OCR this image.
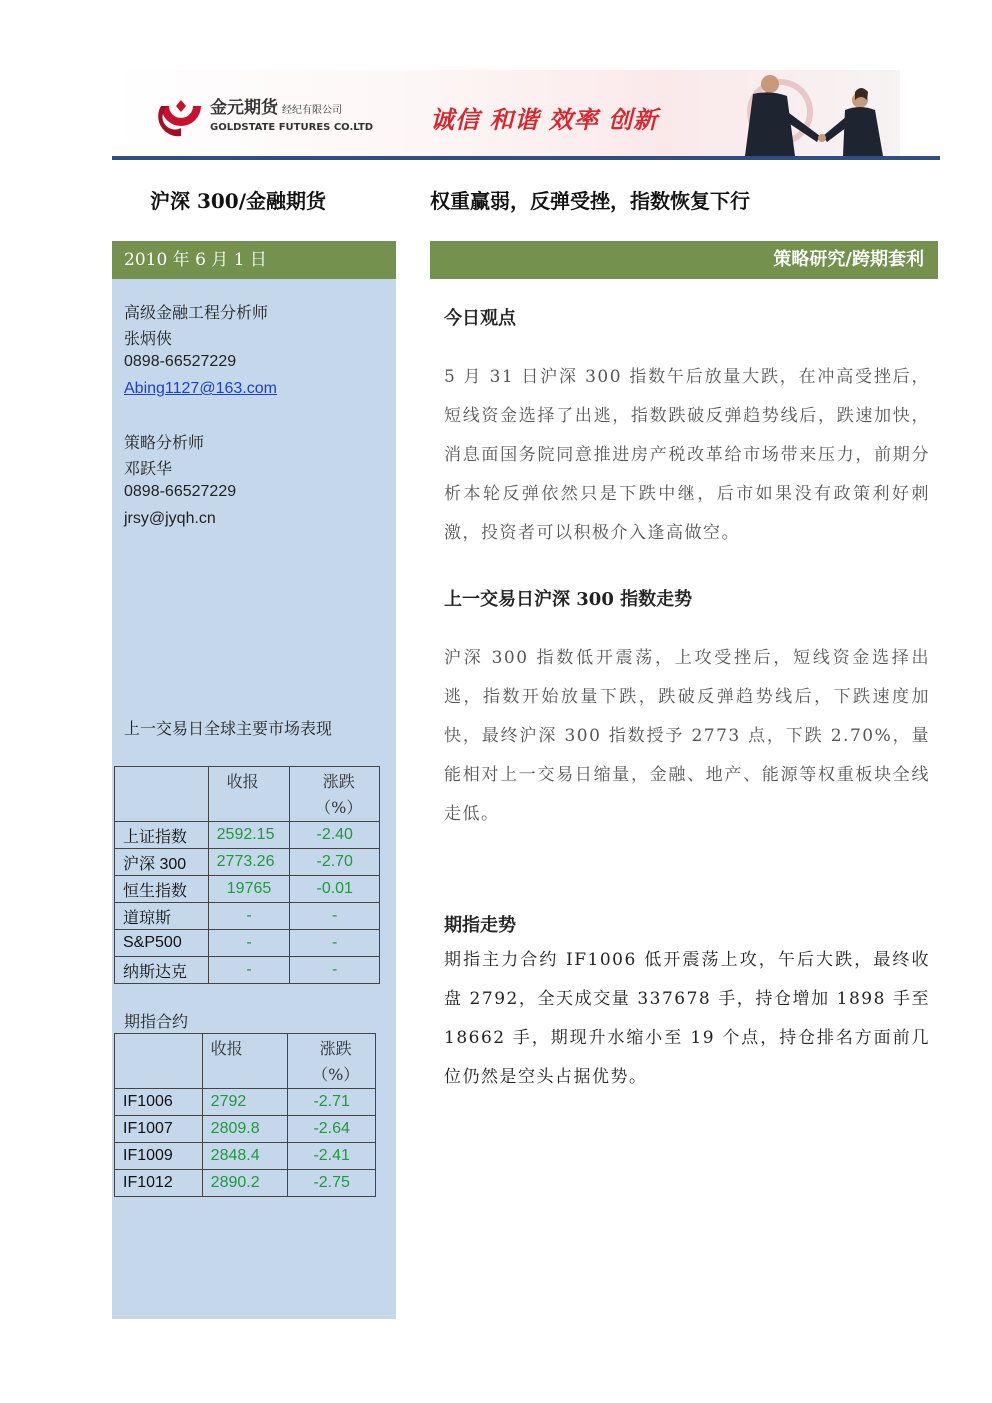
金元期货 经纪有限公司
GOLDSTATE FUTURES CO.LTD 诚信 和谐 效率 创新
沪深 300/金融期货	权重赢弱，反弹受挫，指数恢复下行
2010 年 6 月 1 日
高级金融工程分析师
张炳俠
0898-66527229
Abing1127@163.com
策略分析师
邓跃华
0898-66527229
jrsy@jyqh.cn
上一交易日全球主要市场表现
	收报	涨跌
（%）
上证指数	2592.15	-2.40
沪深 300	2773.26	-2.70
恒生指数	19765	-0.01
道琼斯	-	-
S&P500	-	-
纳斯达克	-	-
期指合约
	收报	涨跌
（%）
IF1006	2792	-2.71
IF1007	2809.8	-2.64
IF1009	2848.4	-2.41
IF1012	2890.2	-2.75
策略研究/跨期套利
今日观点
5 月 31 日沪深 300 指数午后放量大跌，在冲高受挫后，短线资金选择了出逃，指数跌破反弹趋势线后，跌速加快，消息面国务院同意推进房产税改革给市场带来压力，前期分析本轮反弹依然只是下跌中继，后市如果没有政策利好刺激，投资者可以积极介入逢高做空。
上一交易日沪深 300 指数走势
沪深 300 指数低开震荡，上攻受挫后，短线资金选择出逃，指数开始放量下跌，跌破反弹趋势线后，下跌速度加快，最终沪深 300 指数授予 2773 点，下跌 2.70%，量能相对上一交易日缩量，金融、地产、能源等权重板块全线走低。
期指走势
期指主力合约 IF1006 低开震荡上攻，午后大跌，最终收盘 2792，全天成交量 337678 手，持仓增加 1898 手至 18662 手，期现升水缩小至 19 个点，持仓排名方面前几位仍然是空头占据优势。
